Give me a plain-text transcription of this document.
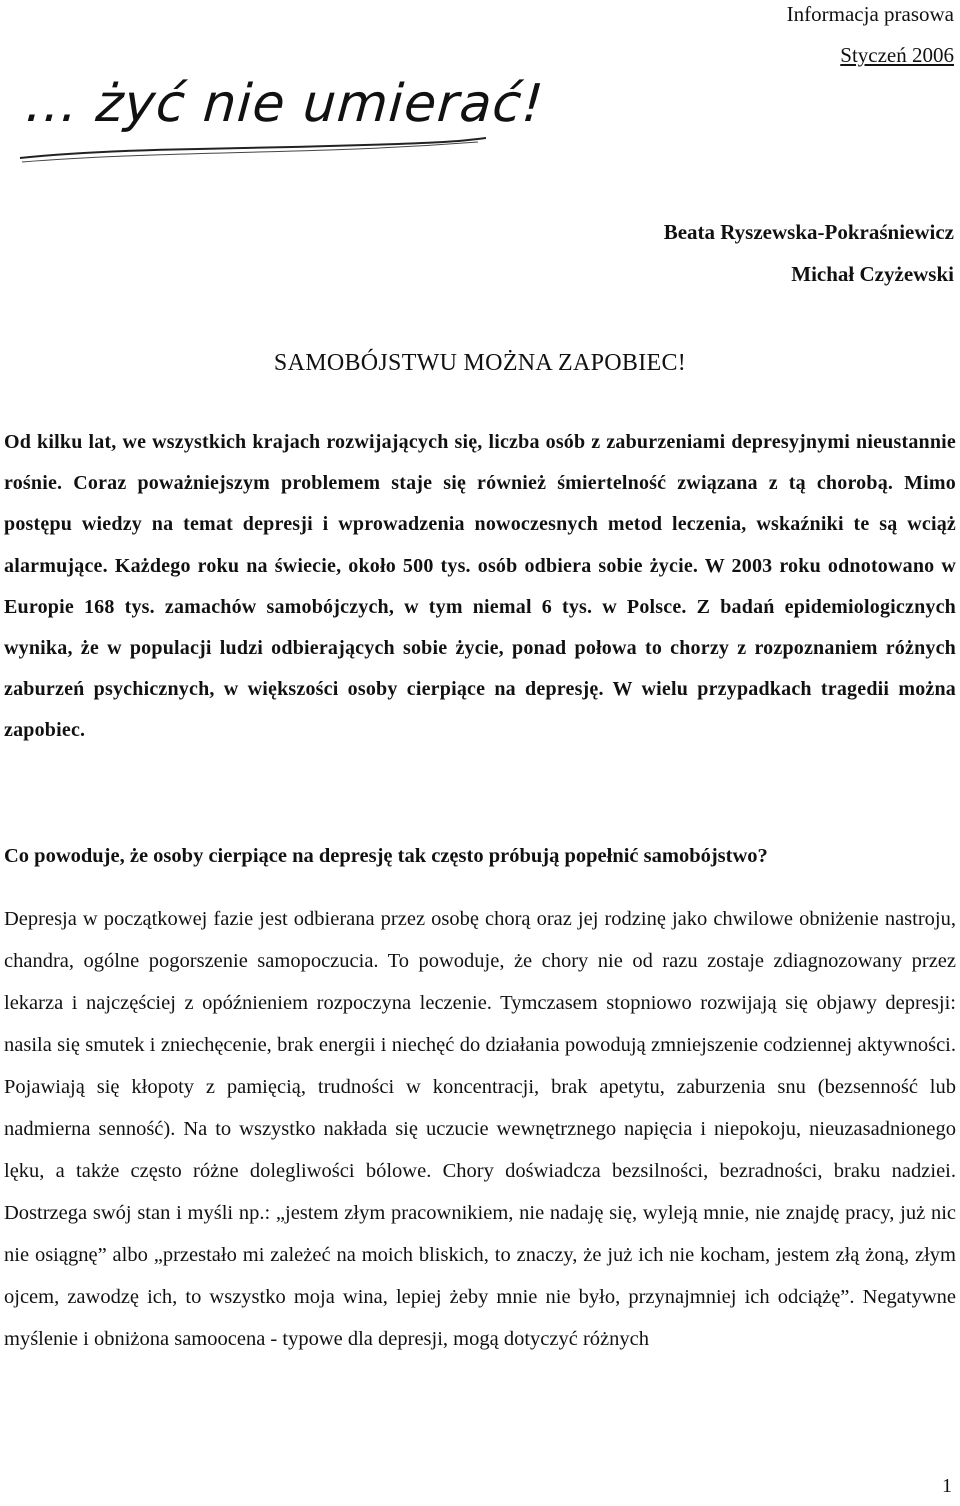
Informacja prasowa
Styczeń 2006
... żyć nie umierać!
Beata Ryszewska-Pokraśniewicz
Michał Czyżewski
SAMOBÓJSTWU MOŻNA ZAPOBIEC!
Od kilku lat, we wszystkich krajach rozwijających się, liczba osób z zaburzeniami depresyjnymi nieustannie rośnie. Coraz poważniejszym problemem staje się również śmiertelność związana z tą chorobą. Mimo postępu wiedzy na temat depresji i wprowadzenia nowoczesnych metod leczenia, wskaźniki te są wciąż alarmujące. Każdego roku na świecie, około 500 tys. osób odbiera sobie życie. W 2003 roku odnotowano w Europie 168 tys. zamachów samobójczych, w tym niemal 6 tys. w Polsce. Z badań epidemiologicznych wynika, że w populacji ludzi odbierających sobie życie, ponad połowa to chorzy z rozpoznaniem różnych zaburzeń psychicznych, w większości osoby cierpiące na depresję. W wielu przypadkach tragedii można zapobiec.
Co powoduje, że osoby cierpiące na depresję tak często próbują popełnić samobójstwo?
Depresja w początkowej fazie jest odbierana przez osobę chorą oraz jej rodzinę jako chwilowe obniżenie nastroju, chandra, ogólne pogorszenie samopoczucia. To powoduje, że chory nie od razu zostaje zdiagnozowany przez lekarza i najczęściej z opóźnieniem rozpoczyna leczenie. Tymczasem stopniowo rozwijają się objawy depresji: nasila się smutek i zniechęcenie, brak energii i niechęć do działania powodują zmniejszenie codziennej aktywności. Pojawiają się kłopoty z pamięcią, trudności w koncentracji, brak apetytu, zaburzenia snu (bezsenność lub nadmierna senność). Na to wszystko nakłada się uczucie wewnętrznego napięcia i niepokoju, nieuzasadnionego lęku, a także często różne dolegliwości bólowe. Chory doświadcza bezsilności, bezradności, braku nadziei. Dostrzega swój stan i myśli np.: „jestem złym pracownikiem, nie nadaję się, wyleją mnie, nie znajdę pracy, już nic nie osiągnę” albo „przestało mi zależeć na moich bliskich, to znaczy, że już ich nie kocham, jestem złą żoną, złym ojcem, zawodzę ich, to wszystko moja wina, lepiej żeby mnie nie było, przynajmniej ich odciążę”. Negatywne myślenie i obniżona samoocena - typowe dla depresji, mogą dotyczyć różnych
1
